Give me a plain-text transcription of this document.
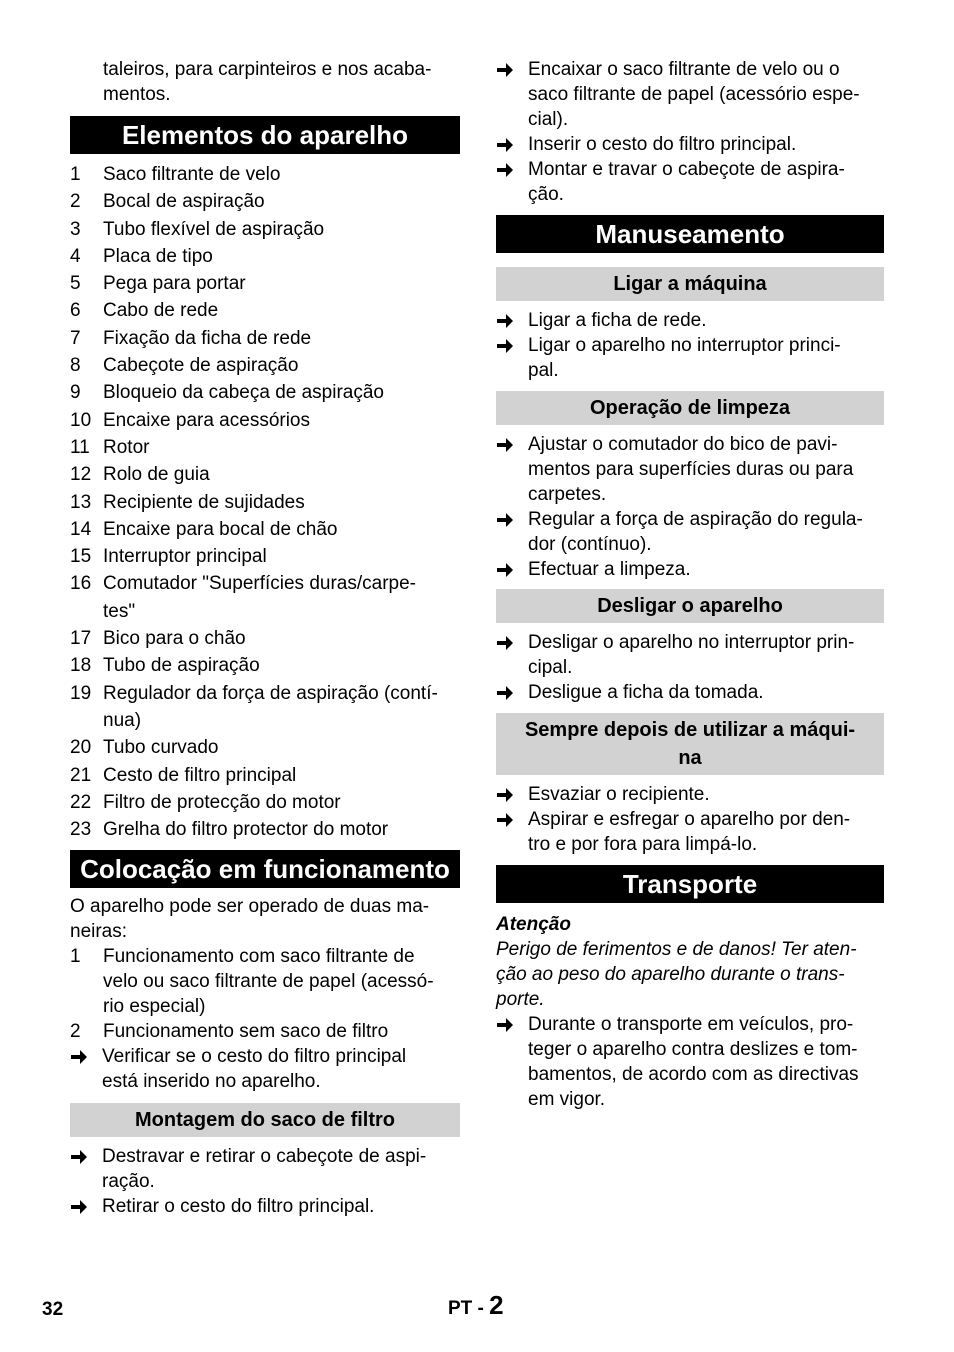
taleiros, para carpinteiros e nos acaba-
mentos.

Elementos do aparelho
1	Saco filtrante de velo
2	Bocal de aspiração
3	Tubo flexível de aspiração
4	Placa de tipo
5	Pega para portar
6	Cabo de rede
7	Fixação da ficha de rede
8	Cabeçote de aspiração
9	Bloqueio da cabeça de aspiração
10 Encaixe para acessórios
11 Rotor
12 Rolo de guia
13 Recipiente de sujidades
14 Encaixe para bocal de chão
15 Interruptor principal
16 Comutador "Superfícies duras/carpe-
tes"
17 Bico para o chão
18 Tubo de aspiração
19 Regulador da força de aspiração (contí-
nua)
20 Tubo curvado
21 Cesto de filtro principal
22 Filtro de protecção do motor
23 Grelha do filtro protector do motor
Colocação em funcionamento

O aparelho pode ser operado de duas ma-
neiras:

1	Funcionamento com saco filtrante de
velo ou saco filtrante de papel (acessó-
rio especial)
2	Funcionamento sem saco de filtro
Verificar se o cesto do filtro principal
está inserido no aparelho.
Montagem do saco de filtro
Destravar e retirar o cabeçote de aspi-
ração.
Retirar o cesto do filtro principal.
Encaixar o saco filtrante de velo ou o
saco filtrante de papel (acessório espe-
cial).
Inserir o cesto do filtro principal.
Montar e travar o cabeçote de aspira-
ção.
Manuseamento
Ligar a máquina
Ligar a ficha de rede.
Ligar o aparelho no interruptor princi-
pal.
Operação de limpeza
Ajustar o comutador do bico de pavi-
mentos para superfícies duras ou para
carpetes.
Regular a força de aspiração do regula-
dor (contínuo).
Efectuar a limpeza.
Desligar o aparelho
Desligar o aparelho no interruptor prin-
cipal.
Desligue a ficha da tomada.
Sempre depois de utilizar a máqui-
na
Esvaziar o recipiente.
Aspirar e esfregar o aparelho por den-
tro e por fora para limpá-lo.
Transporte

Atenção

Perigo de ferimentos e de danos! Ter aten-
ção ao peso do aparelho durante o trans-
porte.

Durante o transporte em veículos, pro-
teger o aparelho contra deslizes e tom-
bamentos, de acordo com as directivas
em vigor.
32	PT - 2
